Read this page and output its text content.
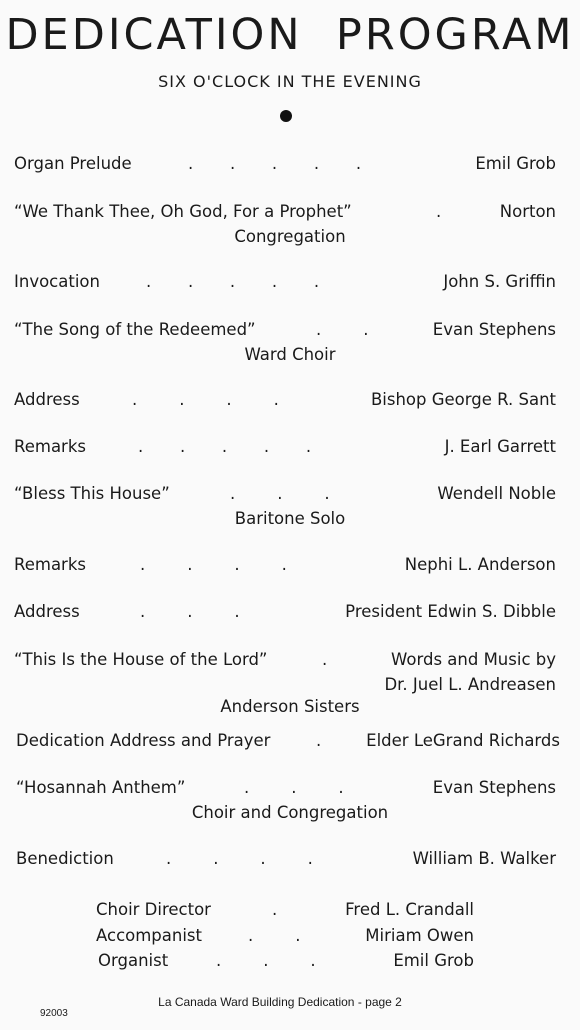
DEDICATION  PROGRAM
SIX O'CLOCK IN THE EVENING
Organ Prelude	.       .       .       .       .	Emil Grob
“We Thank Thee, Oh God, For a Prophet”	.	Norton
Congregation
Invocation	.       .       .       .       .	John S. Griffin
“The Song of the Redeemed”	.        .	Evan Stephens
Ward Choir
Address	.        .        .        .	Bishop George R. Sant
Remarks	.       .       .       .       .	J. Earl Garrett
“Bless This House”	.        .        .	Wendell Noble
Baritone Solo
Remarks	.        .        .        .	Nephi L. Anderson
Address	.        .        .	President Edwin S. Dibble
“This Is the House of the Lord”	.	Words and Music by
Dr. Juel L. Andreasen
Anderson Sisters
Dedication Address and Prayer	.	Elder LeGrand Richards
“Hosannah Anthem”	.        .        .	Evan Stephens
Choir and Congregation
Benediction	.        .        .        .	William B. Walker
Choir Director	.	Fred L. Crandall
Accompanist	.        .	Miriam Owen
Organist	.        .        .	Emil Grob
92003
La Canada Ward Building Dedication - page 2
